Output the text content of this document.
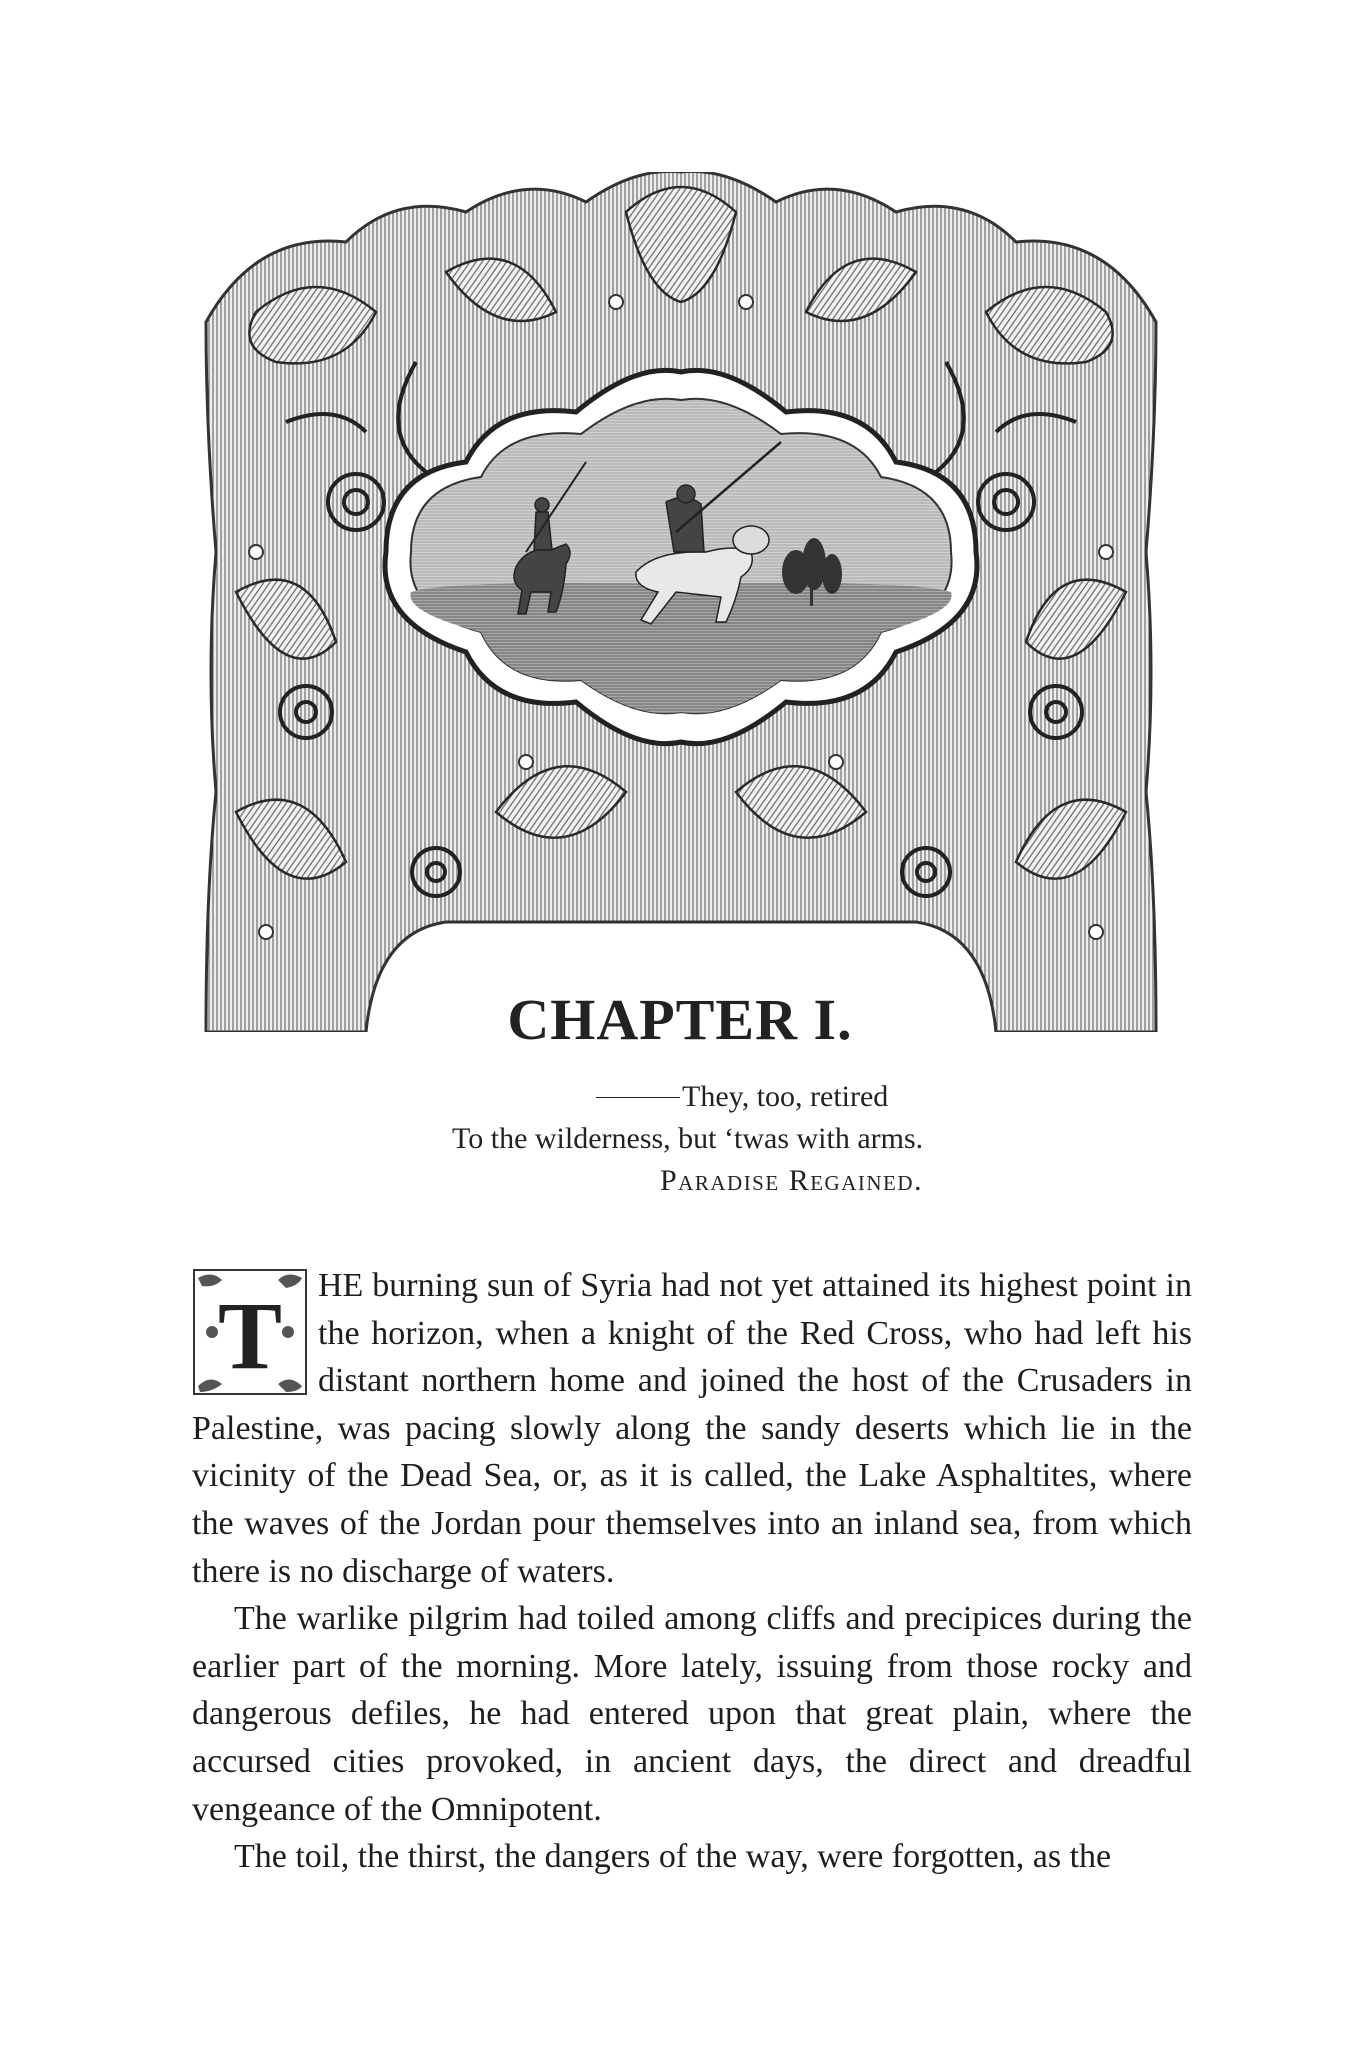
CHAPTER I.
They, too, retired
To the wilderness, but ‘twas with arms.
Paradise Regained.
T	HE burning sun of Syria had not yet attained its highest point in the horizon, when a knight of the Red Cross, who had left his distant northern home and joined the host of the Crusaders in Palestine, was pacing slowly along the sandy deserts which lie in the vicinity of the Dead Sea, or, as it is called, the Lake Asphaltites, where the waves of the Jordan pour themselves into an inland sea, from which there is no discharge of waters.

The warlike pilgrim had toiled among cliffs and precipices during the earlier part of the morning. More lately, issuing from those rocky and dangerous defiles, he had entered upon that great plain, where the accursed cities provoked, in ancient days, the direct and dreadful vengeance of the Omnipotent.

The toil, the thirst, the dangers of the way, were forgotten, as the
